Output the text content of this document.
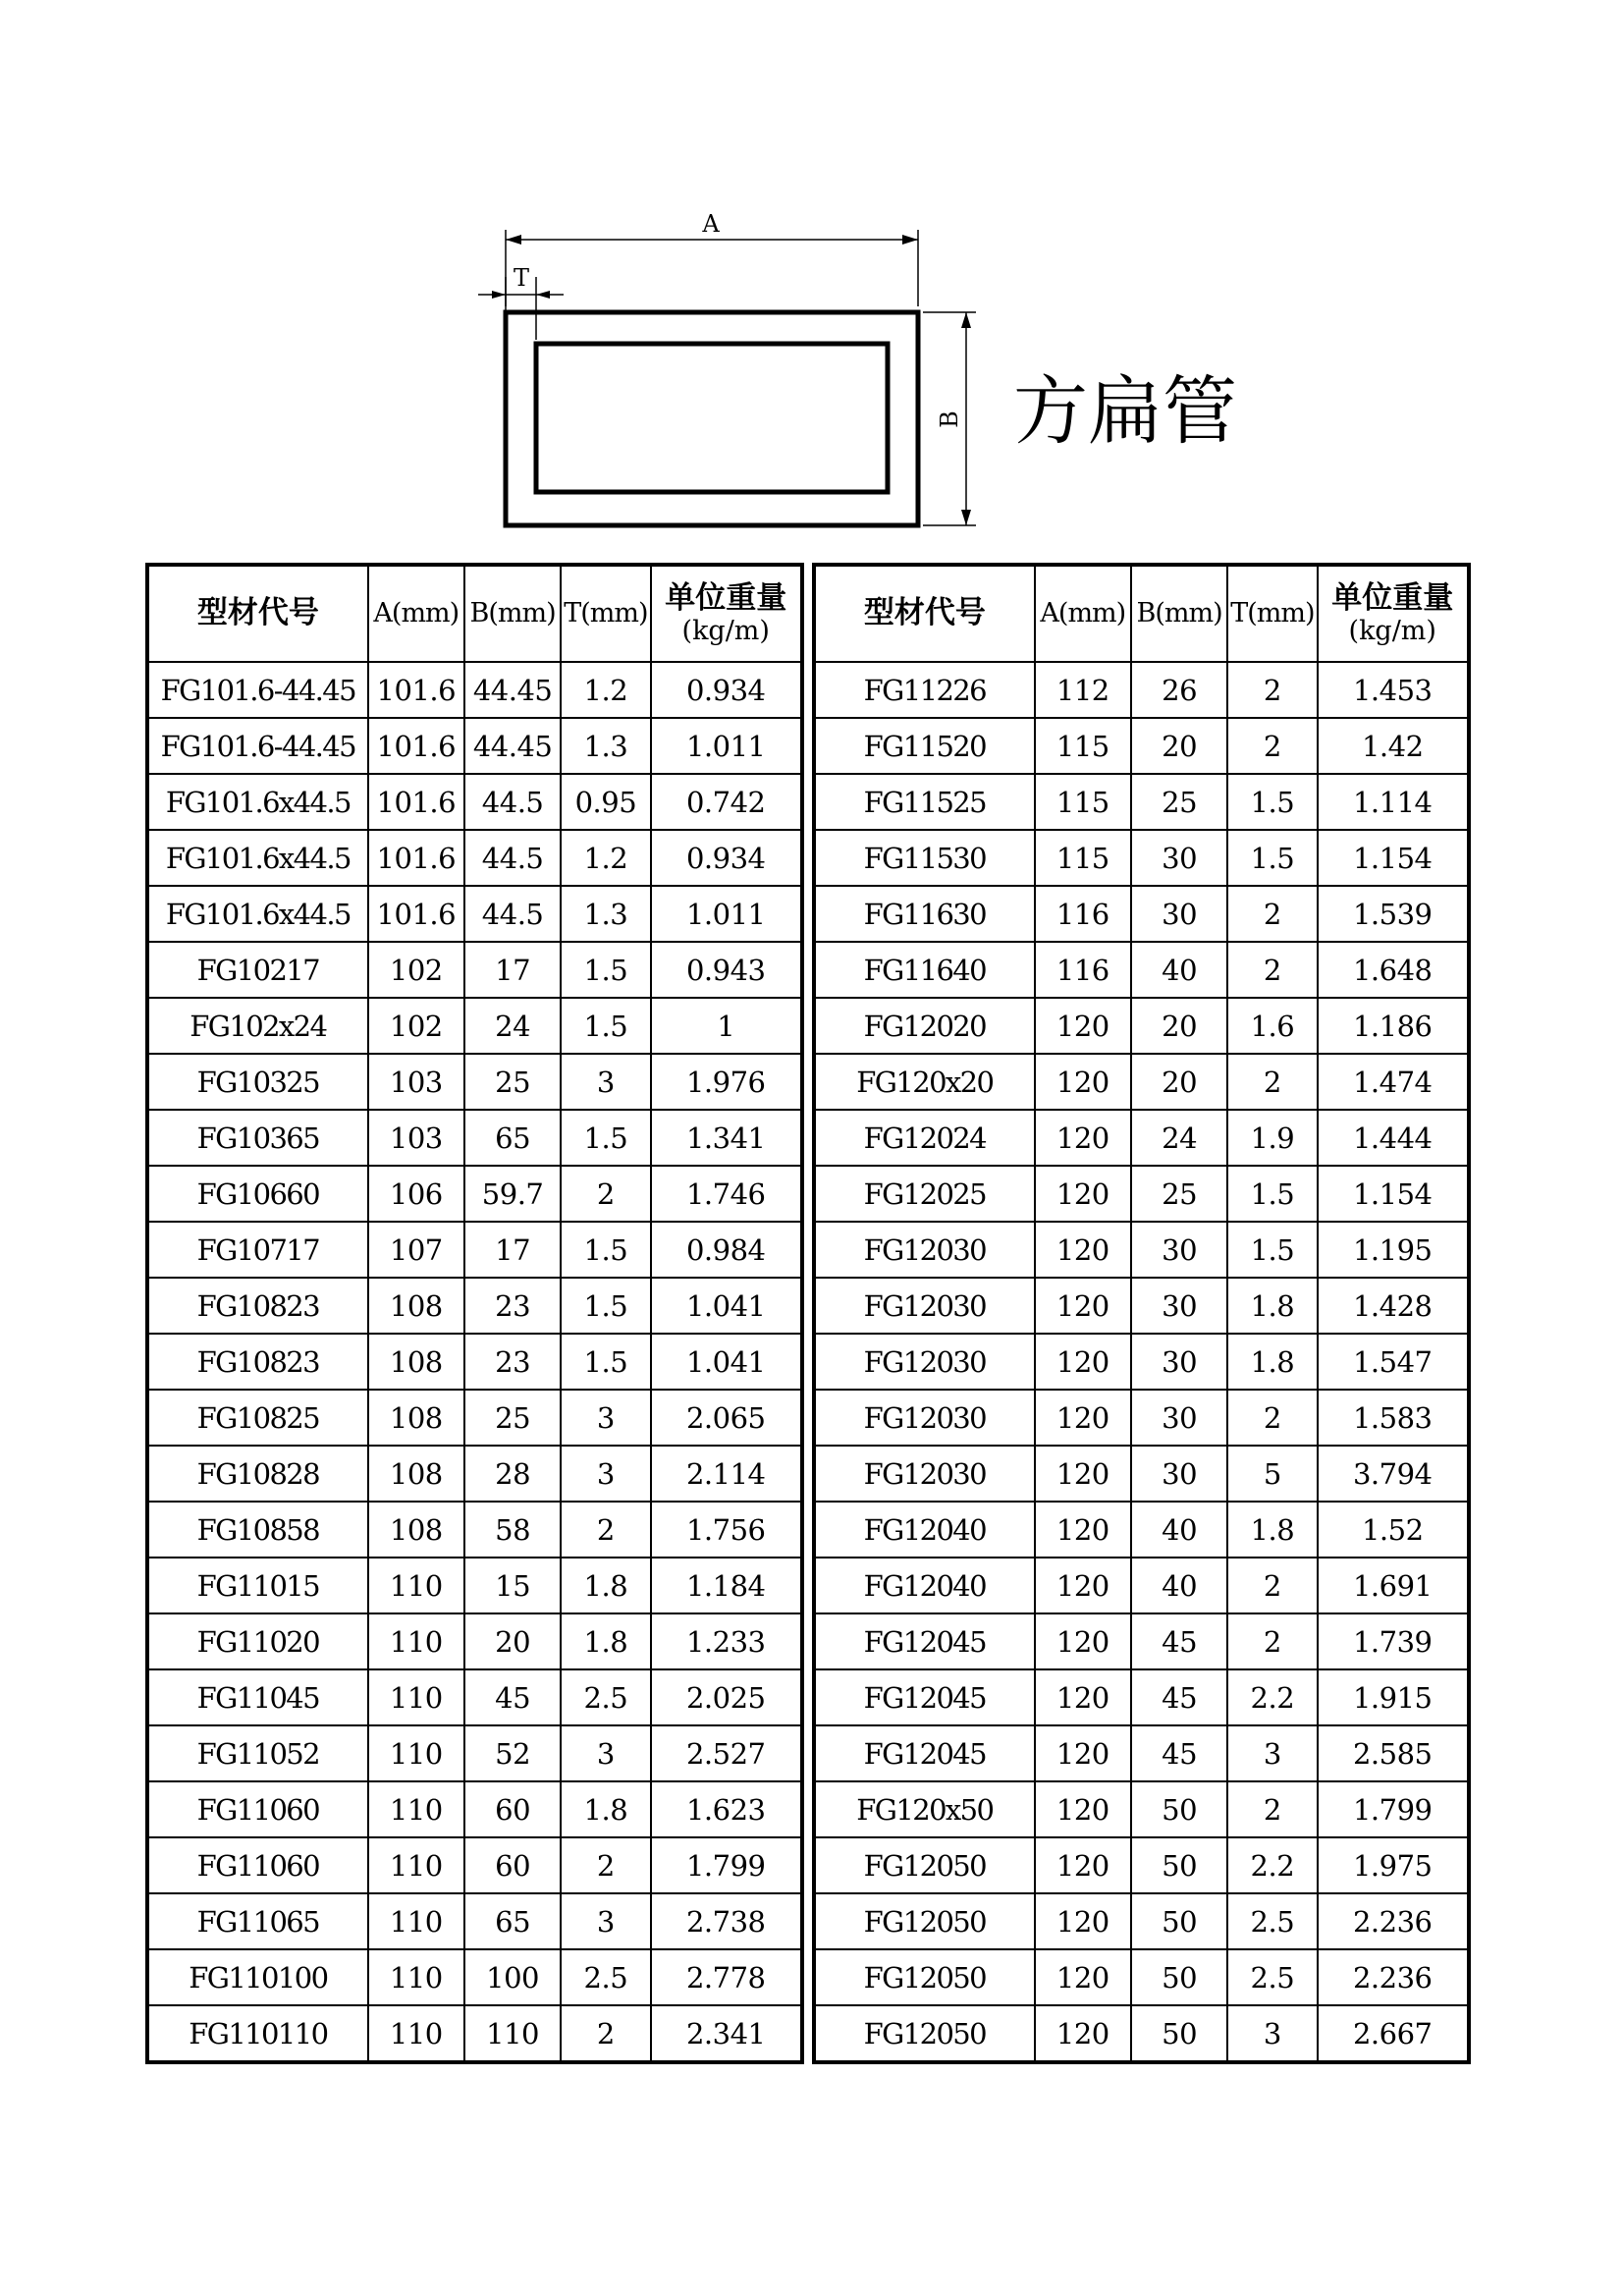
A
T
B 方扁管
型材代号	A(mm)	B(mm)	T(mm)	单位重量
(kg/m)

FG101.6-44.45	101.6	44.45	1.2	0.934
FG101.6-44.45	101.6	44.45	1.3	1.011
FG101.6x44.5	101.6	44.5	0.95	0.742
FG101.6x44.5	101.6	44.5	1.2	0.934
FG101.6x44.5	101.6	44.5	1.3	1.011
FG10217	102	17	1.5	0.943
FG102x24	102	24	1.5	1
FG10325	103	25	3	1.976
FG10365	103	65	1.5	1.341
FG10660	106	59.7	2	1.746
FG10717	107	17	1.5	0.984
FG10823	108	23	1.5	1.041
FG10823	108	23	1.5	1.041
FG10825	108	25	3	2.065
FG10828	108	28	3	2.114
FG10858	108	58	2	1.756
FG11015	110	15	1.8	1.184
FG11020	110	20	1.8	1.233
FG11045	110	45	2.5	2.025
FG11052	110	52	3	2.527
FG11060	110	60	1.8	1.623
FG11060	110	60	2	1.799
FG11065	110	65	3	2.738
FG110100	110	100	2.5	2.778
FG110110	110	110	2	2.341
型材代号	A(mm)	B(mm)	T(mm)	单位重量
(kg/m)

FG11226	112	26	2	1.453
FG11520	115	20	2	1.42
FG11525	115	25	1.5	1.114
FG11530	115	30	1.5	1.154
FG11630	116	30	2	1.539
FG11640	116	40	2	1.648
FG12020	120	20	1.6	1.186
FG120x20	120	20	2	1.474
FG12024	120	24	1.9	1.444
FG12025	120	25	1.5	1.154
FG12030	120	30	1.5	1.195
FG12030	120	30	1.8	1.428
FG12030	120	30	1.8	1.547
FG12030	120	30	2	1.583
FG12030	120	30	5	3.794
FG12040	120	40	1.8	1.52
FG12040	120	40	2	1.691
FG12045	120	45	2	1.739
FG12045	120	45	2.2	1.915
FG12045	120	45	3	2.585
FG120x50	120	50	2	1.799
FG12050	120	50	2.2	1.975
FG12050	120	50	2.5	2.236
FG12050	120	50	2.5	2.236
FG12050	120	50	3	2.667
